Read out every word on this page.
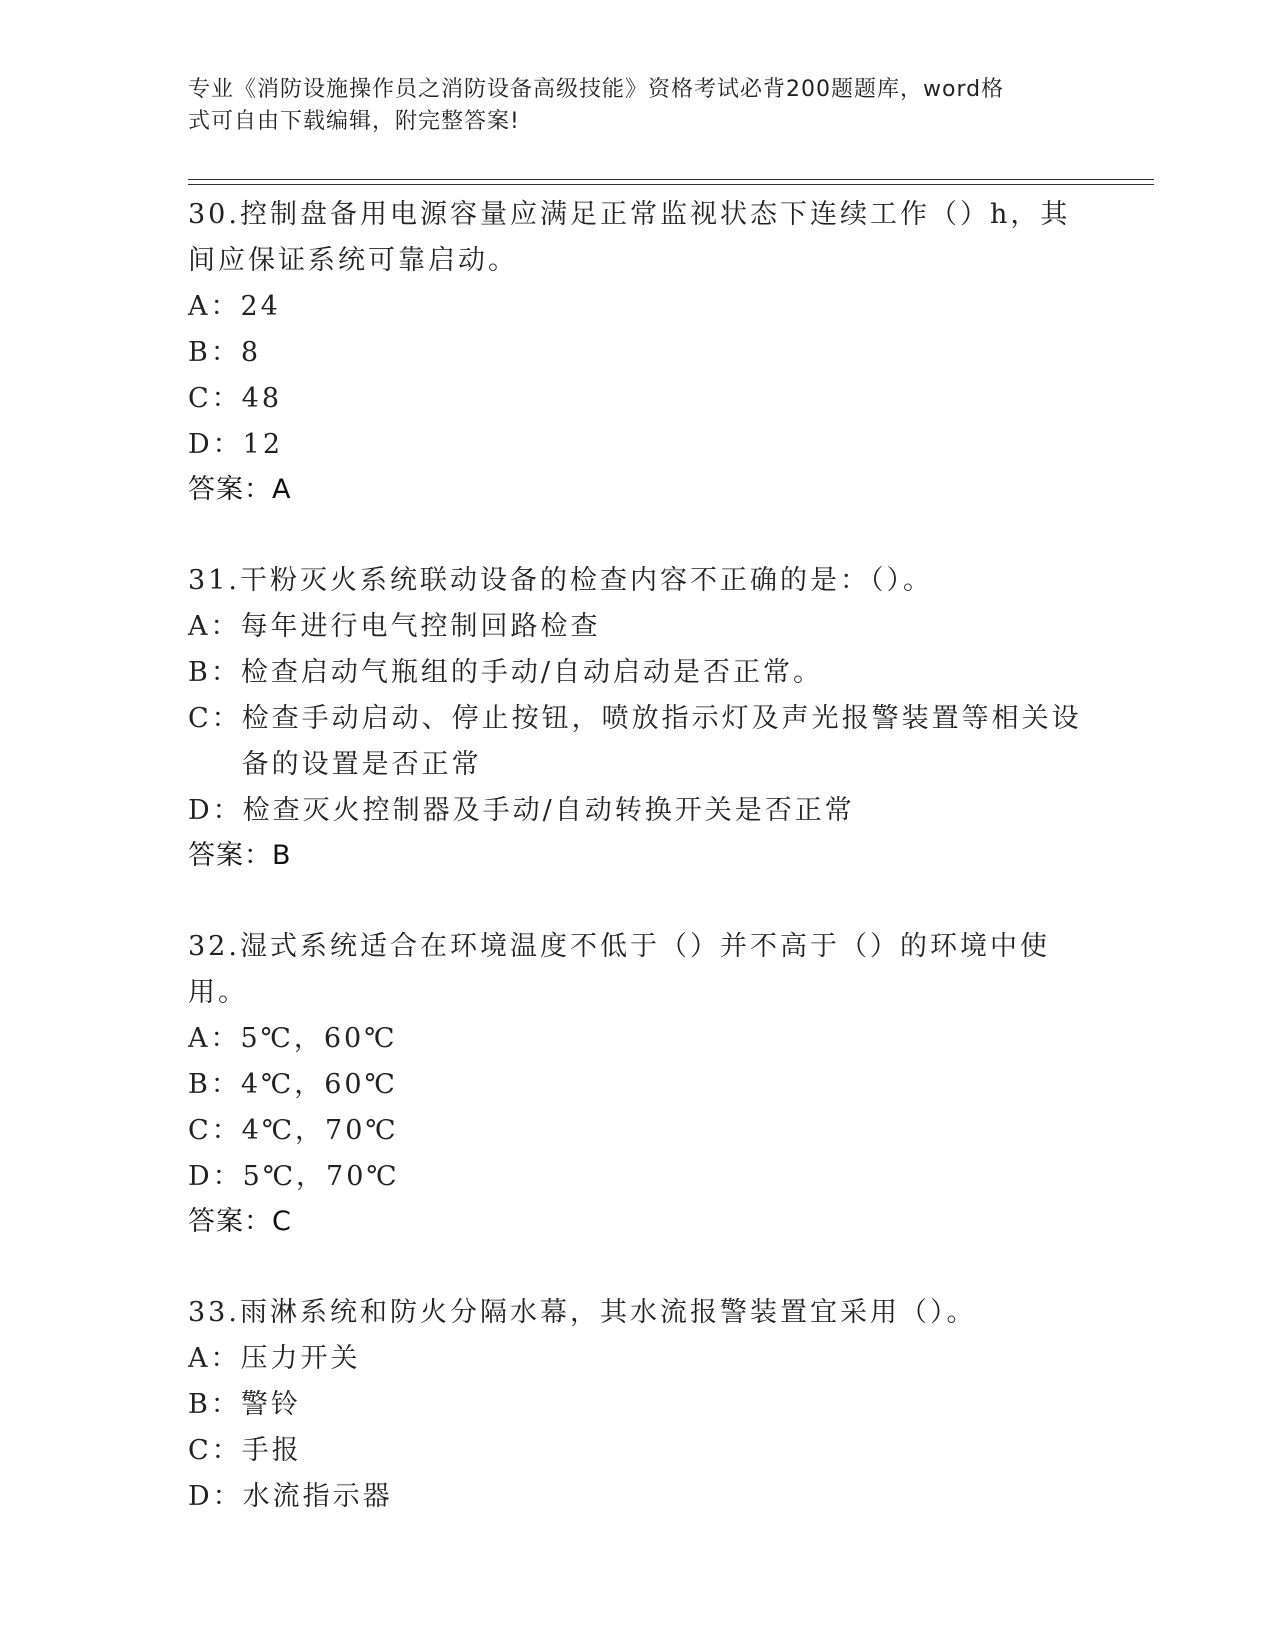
专业《消防设施操作员之消防设备高级技能》资格考试必背200题题库，word格
式可自由下载编辑，附完整答案!

30.控制盘备用电源容量应满足正常监视状态下连续工作（）h，其间应保证系统可靠启动。

A： 24
B： 8
C： 48
D： 12

答案：A

31.干粉灭火系统联动设备的检查内容不正确的是：（）。

A： 每年进行电气控制回路检查
B： 检查启动气瓶组的手动/自动启动是否正常。
C： 检查手动启动、停止按钮，喷放指示灯及声光报警装置等相关设备的设置是否正常
D： 检查灭火控制器及手动/自动转换开关是否正常

答案：B

32.湿式系统适合在环境温度不低于（）并不高于（）的环境中使用。

A： 5℃，60℃
B： 4℃，60℃
C： 4℃，70℃
D： 5℃，70℃

答案：C

33.雨淋系统和防火分隔水幕，其水流报警装置宜采用（）。

A： 压力开关
B： 警铃
C： 手报
D： 水流指示器
